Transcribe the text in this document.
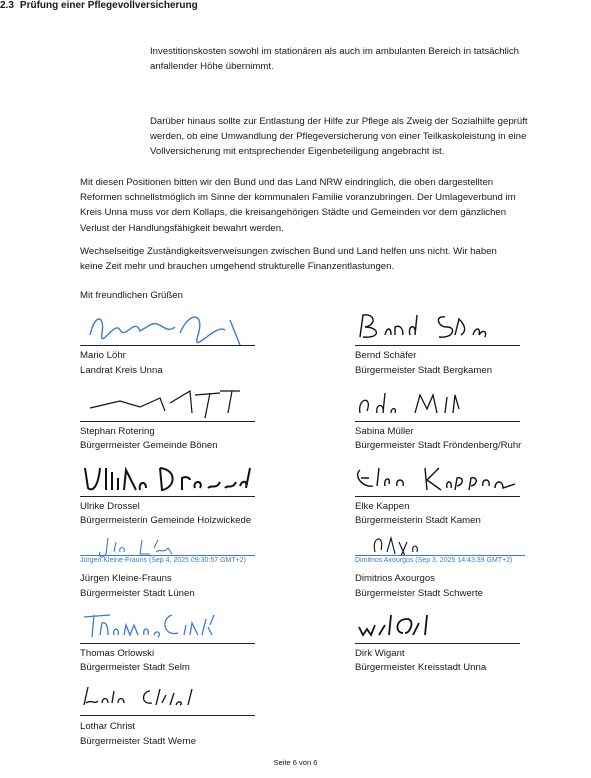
Investitionskosten sowohl im stationären als auch im ambulanten Bereich in tatsächlich anfallender Höhe übernimmt.
2.3 Prüfung einer Pflegevollversicherung
Darüber hinaus sollte zur Entlastung der Hilfe zur Pflege als Zweig der Sozialhilfe geprüft werden, ob eine Umwandlung der Pflegeversicherung von einer Teilkaskoleistung in eine Vollversicherung mit entsprechender Eigenbeteiligung angebracht ist.
Mit diesen Positionen bitten wir den Bund und das Land NRW eindringlich, die oben dargestellten Reformen schnellstmöglich im Sinne der kommunalen Familie voranzubringen. Der Umlageverbund im Kreis Unna muss vor dem Kollaps, die kreisangehörigen Städte und Gemeinden vor dem gänzlichen Verlust der Handlungsfähigkeit bewahrt werden.
Wechselseitige Zuständigkeitsverweisungen zwischen Bund und Land helfen uns nicht. Wir haben keine Zeit mehr und brauchen umgehend strukturelle Finanzentlastungen.
Mit freundlichen Grüßen
Mario Löhr
Landrat Kreis Unna
Bernd Schäfer
Bürgermeister Stadt Bergkamen
Stephan Rotering
Bürgermeister Gemeinde Bönen
Sabina Müller
Bürgermeister Stadt Fröndenberg/Ruhr
Ulrike Drossel
Bürgermeisterin Gemeinde Holzwickede
Elke Kappen
Bürgermeisterin Stadt Kamen
Jürgen Kleine-Frauns (Sep 4, 2025 09:30:57 GMT+2)
Jürgen Kleine-Frauns
Bürgermeister Stadt Lünen
Dimitrios Axourgos (Sep 3, 2025 14:43:39 GMT+2)
Dimitrios Axourgos
Bürgermeister Stadt Schwerte
Thomas Orlowski
Bürgermeister Stadt Selm
Dirk Wigant
Bürgermeister Kreisstadt Unna
Lothar Christ
Bürgermeister Stadt Werne
Seite 6 von 6
